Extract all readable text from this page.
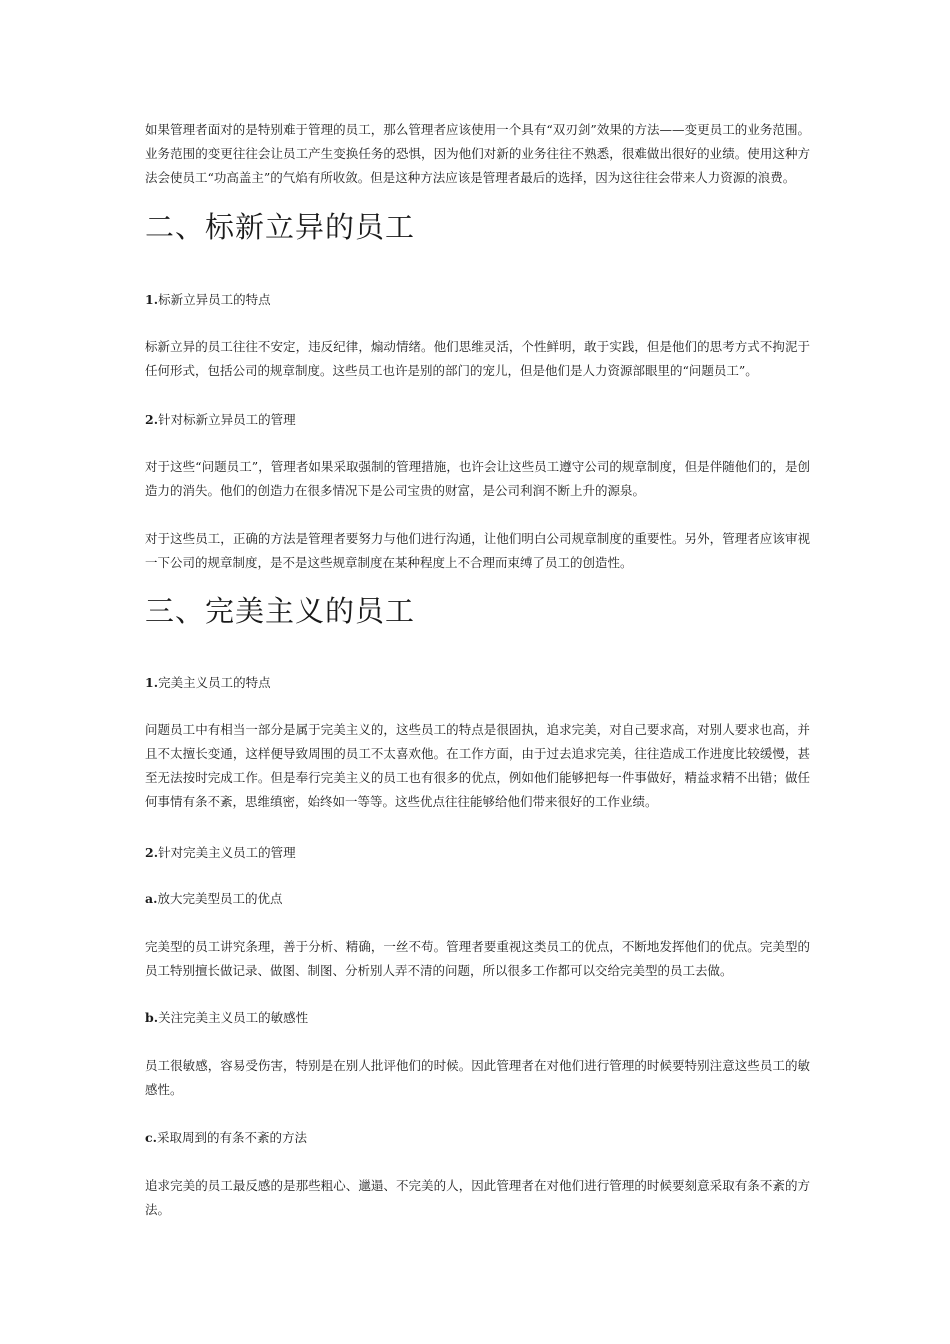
如果管理者面对的是特别难于管理的员工，那么管理者应该使用一个具有“双刃剑”效果的方法——变更员工的业务范围。业务范围的变更往往会让员工产生变换任务的恐惧，因为他们对新的业务往往不熟悉，很难做出很好的业绩。使用这种方法会使员工“功高盖主”的气焰有所收敛。但是这种方法应该是管理者最后的选择，因为这往往会带来人力资源的浪费。

二、标新立异的员工

1.标新立异员工的特点

标新立异的员工往往不安定，违反纪律，煽动情绪。他们思维灵活，个性鲜明，敢于实践，但是他们的思考方式不拘泥于任何形式，包括公司的规章制度。这些员工也许是别的部门的宠儿，但是他们是人力资源部眼里的“问题员工”。

2.针对标新立异员工的管理

对于这些“问题员工”，管理者如果采取强制的管理措施，也许会让这些员工遵守公司的规章制度，但是伴随他们的，是创造力的消失。他们的创造力在很多情况下是公司宝贵的财富，是公司利润不断上升的源泉。

对于这些员工，正确的方法是管理者要努力与他们进行沟通，让他们明白公司规章制度的重要性。另外，管理者应该审视一下公司的规章制度，是不是这些规章制度在某种程度上不合理而束缚了员工的创造性。

三、完美主义的员工

1.完美主义员工的特点

问题员工中有相当一部分是属于完美主义的，这些员工的特点是很固执，追求完美，对自己要求高，对别人要求也高，并且不太擅长变通，这样便导致周围的员工不太喜欢他。在工作方面，由于过去追求完美，往往造成工作进度比较缓慢，甚至无法按时完成工作。但是奉行完美主义的员工也有很多的优点，例如他们能够把每一件事做好，精益求精不出错；做任何事情有条不紊，思维缜密，始终如一等等。这些优点往往能够给他们带来很好的工作业绩。

2.针对完美主义员工的管理

a.放大完美型员工的优点

完美型的员工讲究条理，善于分析、精确，一丝不苟。管理者要重视这类员工的优点，不断地发挥他们的优点。完美型的员工特别擅长做记录、做图、制图、分析别人弄不清的问题，所以很多工作都可以交给完美型的员工去做。

b.关注完美主义员工的敏感性

员工很敏感，容易受伤害，特别是在别人批评他们的时候。因此管理者在对他们进行管理的时候要特别注意这些员工的敏感性。

c.采取周到的有条不紊的方法

追求完美的员工最反感的是那些粗心、邋遢、不完美的人，因此管理者在对他们进行管理的时候要刻意采取有条不紊的方法。
